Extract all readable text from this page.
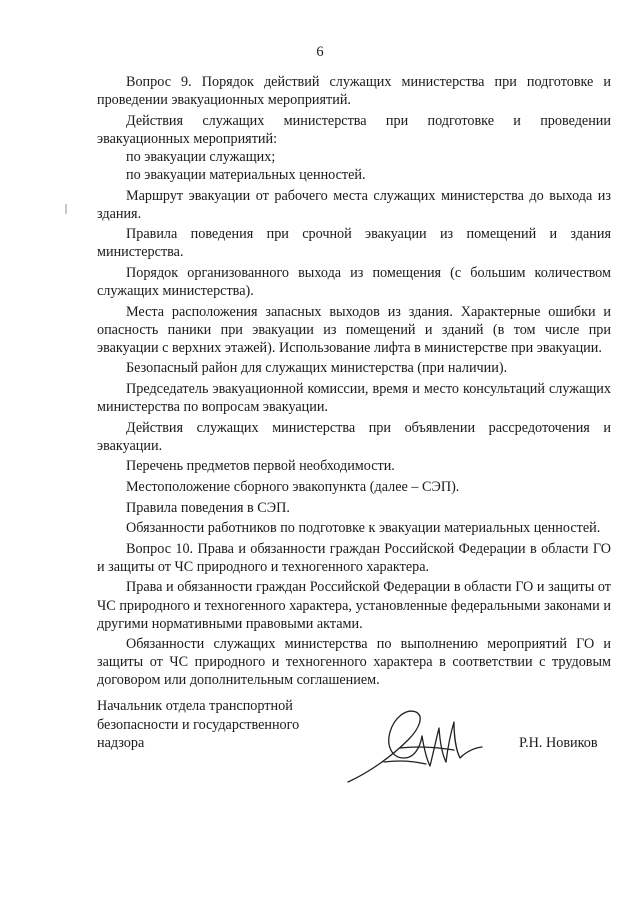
6

Вопрос 9. Порядок действий служащих министерства при подготовке и проведении эвакуационных мероприятий.

Действия служащих министерства при подготовке и проведении эвакуационных мероприятий:

по эвакуации служащих;

по эвакуации материальных ценностей.

Маршрут эвакуации от рабочего места служащих министерства до выхода из здания.

Правила поведения при срочной эвакуации из помещений и здания министерства.

Порядок организованного выхода из помещения (с большим количеством служащих министерства).

Места расположения запасных выходов из здания. Характерные ошибки и опасность паники при эвакуации из помещений и зданий (в том числе при эвакуации с верхних этажей). Использование лифта в министерстве при эвакуации.

Безопасный район для служащих министерства (при наличии).

Председатель эвакуационной комиссии, время и место консультаций служащих министерства по вопросам эвакуации.

Действия служащих министерства при объявлении рассредоточения и эвакуации.

Перечень предметов первой необходимости.

Местоположение сборного эвакопункта (далее – СЭП).

Правила поведения в СЭП.

Обязанности работников по подготовке к эвакуации материальных ценностей.

Вопрос 10. Права и обязанности граждан Российской Федерации в области ГО и защиты от ЧС природного и техногенного характера.

Права и обязанности граждан Российской Федерации в области ГО и защиты от ЧС природного и техногенного характера, установленные федеральными законами и другими нормативными правовыми актами.

Обязанности служащих министерства по выполнению мероприятий ГО и защиты от ЧС природного и техногенного характера в соответствии с трудовым договором или дополнительным соглашением.

Начальник отдела транспортной
безопасности и государственного
надзора	Р.Н. Новиков
